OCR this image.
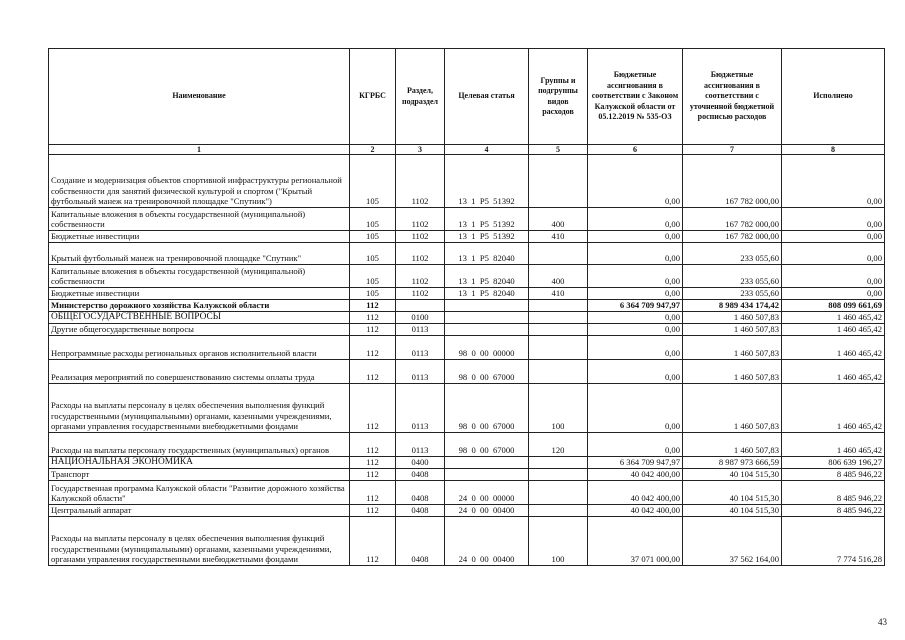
Наименование	КГРБС	Раздел, подраздел	Целевая статья	Группы и подгруппы видов расходов	Бюджетные ассигнования в соответствии с Законом Калужской области от 05.12.2019 № 535-ОЗ	Бюджетные ассигнования в соответствии с уточненной бюджетной росписью расходов	Исполнено
1	2	3	4	5	6	7	8
Создание и модернизация объектов спортивной инфраструктуры региональной собственности для занятий физической культурой и спортом ("Крытый футбольный манеж на тренировочной площадке "Спутник")	105	1102	13  1  P5  51392		0,00	167 782 000,00	0,00
Капитальные вложения в объекты государственной (муниципальной) собственности	105	1102	13  1  P5  51392	400	0,00	167 782 000,00	0,00
Бюджетные инвестиции	105	1102	13  1  P5  51392	410	0,00	167 782 000,00	0,00
Крытый футбольный манеж на тренировочной площадке "Спутник"	105	1102	13  1  P5  82040		0,00	233 055,60	0,00
Капитальные вложения в объекты государственной (муниципальной) собственности	105	1102	13  1  P5  82040	400	0,00	233 055,60	0,00
Бюджетные инвестиции	105	1102	13  1  P5  82040	410	0,00	233 055,60	0,00
Министерство дорожного хозяйства Калужской области	112				6 364 709 947,97	8 989 434 174,42	808 099 661,69
ОБЩЕГОСУДАРСТВЕННЫЕ ВОПРОСЫ	112	0100			0,00	1 460 507,83	1 460 465,42
Другие общегосударственные вопросы	112	0113			0,00	1 460 507,83	1 460 465,42
Непрограммные расходы региональных органов исполнительной власти	112	0113	98  0  00  00000		0,00	1 460 507,83	1 460 465,42
Реализация мероприятий по совершенствованию системы оплаты труда	112	0113	98  0  00  67000		0,00	1 460 507,83	1 460 465,42
Расходы на выплаты персоналу в целях обеспечения выполнения функций государственными (муниципальными) органами, казенными учреждениями, органами управления государственными внебюджетными фондами	112	0113	98  0  00  67000	100	0,00	1 460 507,83	1 460 465,42
Расходы на выплаты персоналу государственных (муниципальных) органов	112	0113	98  0  00  67000	120	0,00	1 460 507,83	1 460 465,42
НАЦИОНАЛЬНАЯ ЭКОНОМИКА	112	0400			6 364 709 947,97	8 987 973 666,59	806 639 196,27
Транспорт	112	0408			40 042 400,00	40 104 515,30	8 485 946,22
Государственная программа Калужской области "Развитие дорожного хозяйства Калужской области"	112	0408	24  0  00  00000		40 042 400,00	40 104 515,30	8 485 946,22
Центральный аппарат	112	0408	24  0  00  00400		40 042 400,00	40 104 515,30	8 485 946,22
Расходы на выплаты персоналу в целях обеспечения выполнения функций государственными (муниципальными) органами, казенными учреждениями, органами управления государственными внебюджетными фондами	112	0408	24  0  00  00400	100	37 071 000,00	37 562 164,00	7 774 516,28
43
